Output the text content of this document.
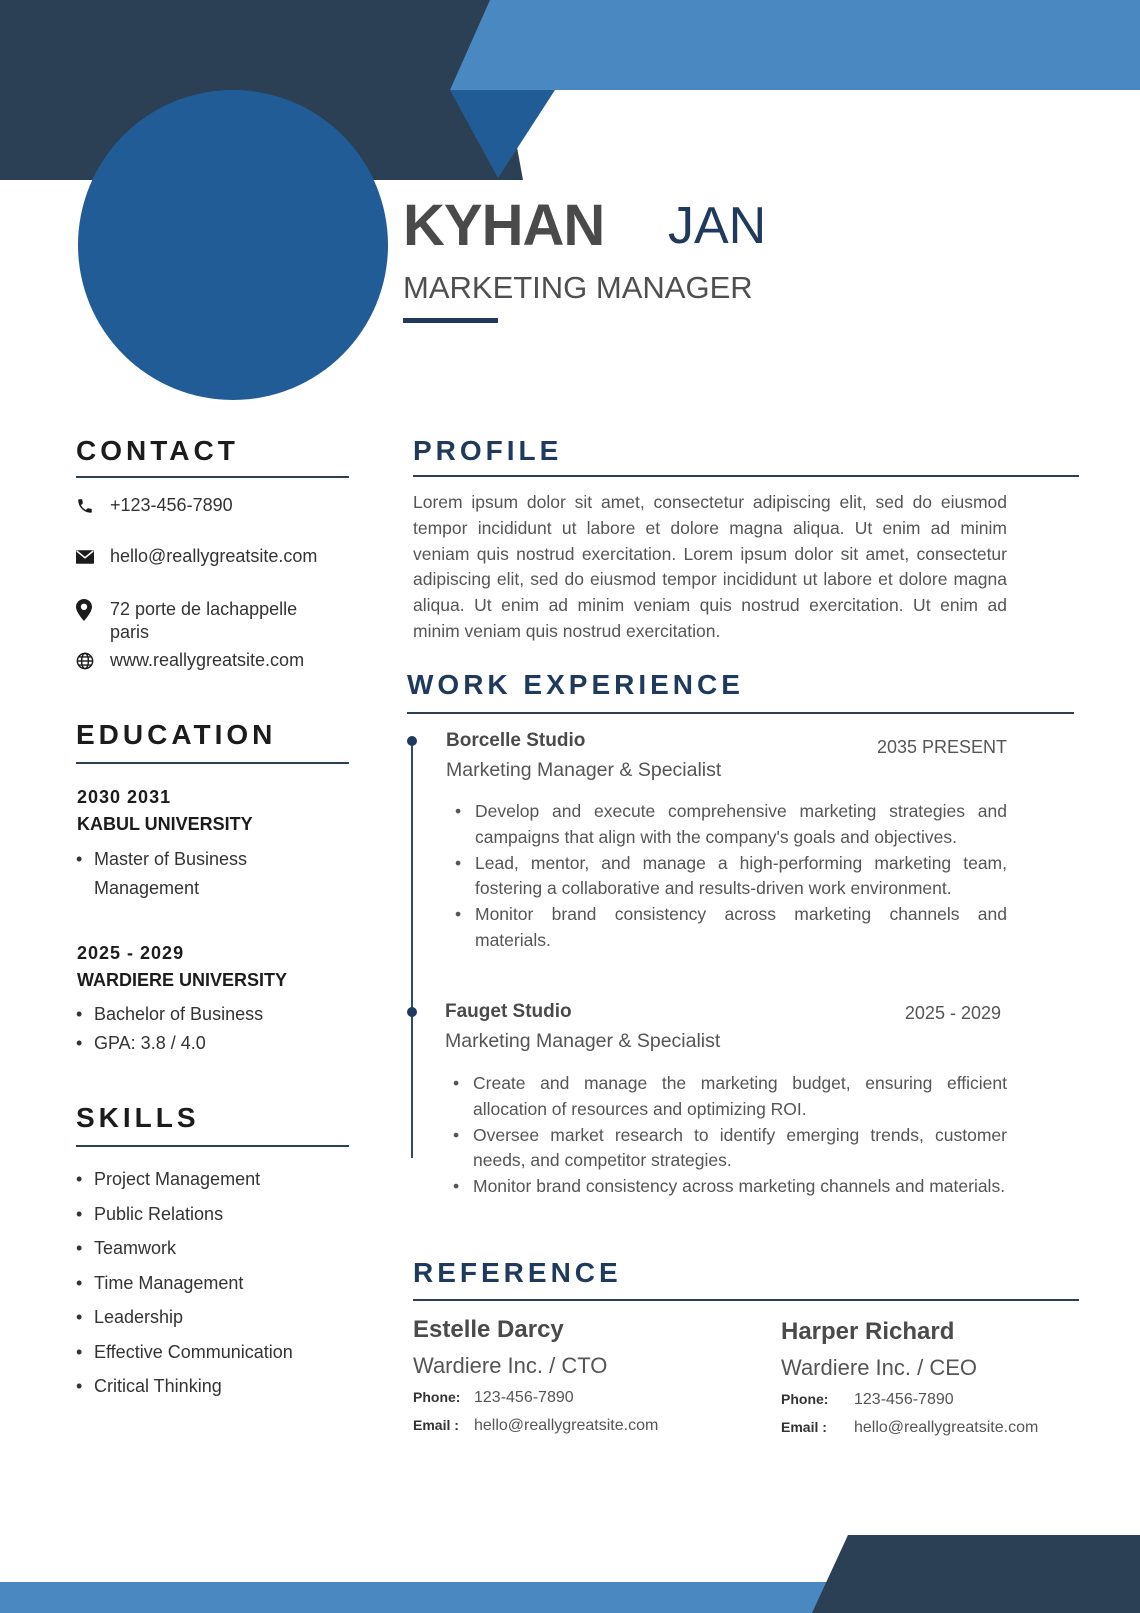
KYHAN JAN
MARKETING MANAGER
CONTACT
+123-456-7890
hello@reallygreatsite.com
72 porte de lachappelle
paris
www.reallygreatsite.com
EDUCATION
2030 2031
KABUL UNIVERSITY
• Master of Business Management
2025 - 2029
WARDIERE UNIVERSITY
• Bachelor of Business
• GPA: 3.8 / 4.0
SKILLS
• Project Management
• Public Relations
• Teamwork
• Time Management
• Leadership
• Effective Communication
• Critical Thinking
PROFILE
Lorem ipsum dolor sit amet, consectetur adipiscing elit, sed do eiusmod tempor incididunt ut labore et dolore magna aliqua. Ut enim ad minim veniam quis nostrud exercitation. Lorem ipsum dolor sit amet, consectetur adipiscing elit, sed do eiusmod tempor incididunt ut labore et dolore magna aliqua. Ut enim ad minim veniam quis nostrud exercitation. Ut enim ad minim veniam quis nostrud exercitation.
WORK EXPERIENCE
Borcelle Studio	2035 PRESENT
Marketing Manager & Specialist
• Develop and execute comprehensive marketing strategies and campaigns that align with the company's goals and objectives.
• Lead, mentor, and manage a high-performing marketing team, fostering a collaborative and results-driven work environment.
• Monitor brand consistency across marketing channels and materials.
Fauget Studio	2025 - 2029
Marketing Manager & Specialist
• Create and manage the marketing budget, ensuring efficient allocation of resources and optimizing ROI.
• Oversee market research to identify emerging trends, customer needs, and competitor strategies.
• Monitor brand consistency across marketing channels and materials.
REFERENCE
Estelle Darcy
Wardiere Inc. / CTO
Phone: 123-456-7890
Email : hello@reallygreatsite.com
Harper Richard
Wardiere Inc. / CEO
Phone: 123-456-7890
Email : hello@reallygreatsite.com
